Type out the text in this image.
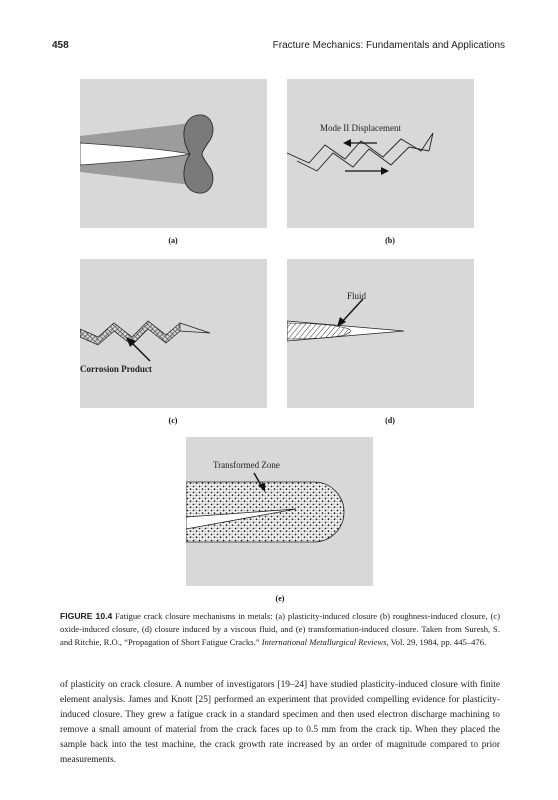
458	Fracture Mechanics: Fundamentals and Applications
(a)
Mode II Displacement
(b)
Corrosion Product
(c)
Fluid
(d)
Transformed Zone
(e)
FIGURE 10.4 Fatigue crack closure mechanisms in metals: (a) plasticity-induced closure (b) roughness-induced closure, (c) oxide-induced closure, (d) closure induced by a viscous fluid, and (e) transformation-induced closure. Taken from Suresh, S. and Ritchie, R.O., “Propagation of Short Fatigue Cracks.” International Metallurgical Reviews, Vol. 29, 1984, pp. 445–476.
of plasticity on crack closure. A number of investigators [19–24] have studied plasticity-induced closure with finite element analysis. James and Knott [25] performed an experiment that provided compelling evidence for plasticity-induced closure. They grew a fatigue crack in a standard specimen and then used electron discharge machining to remove a small amount of material from the crack faces up to 0.5 mm from the crack tip. When they placed the sample back into the test machine, the crack growth rate increased by an order of magnitude compared to prior measurements.
